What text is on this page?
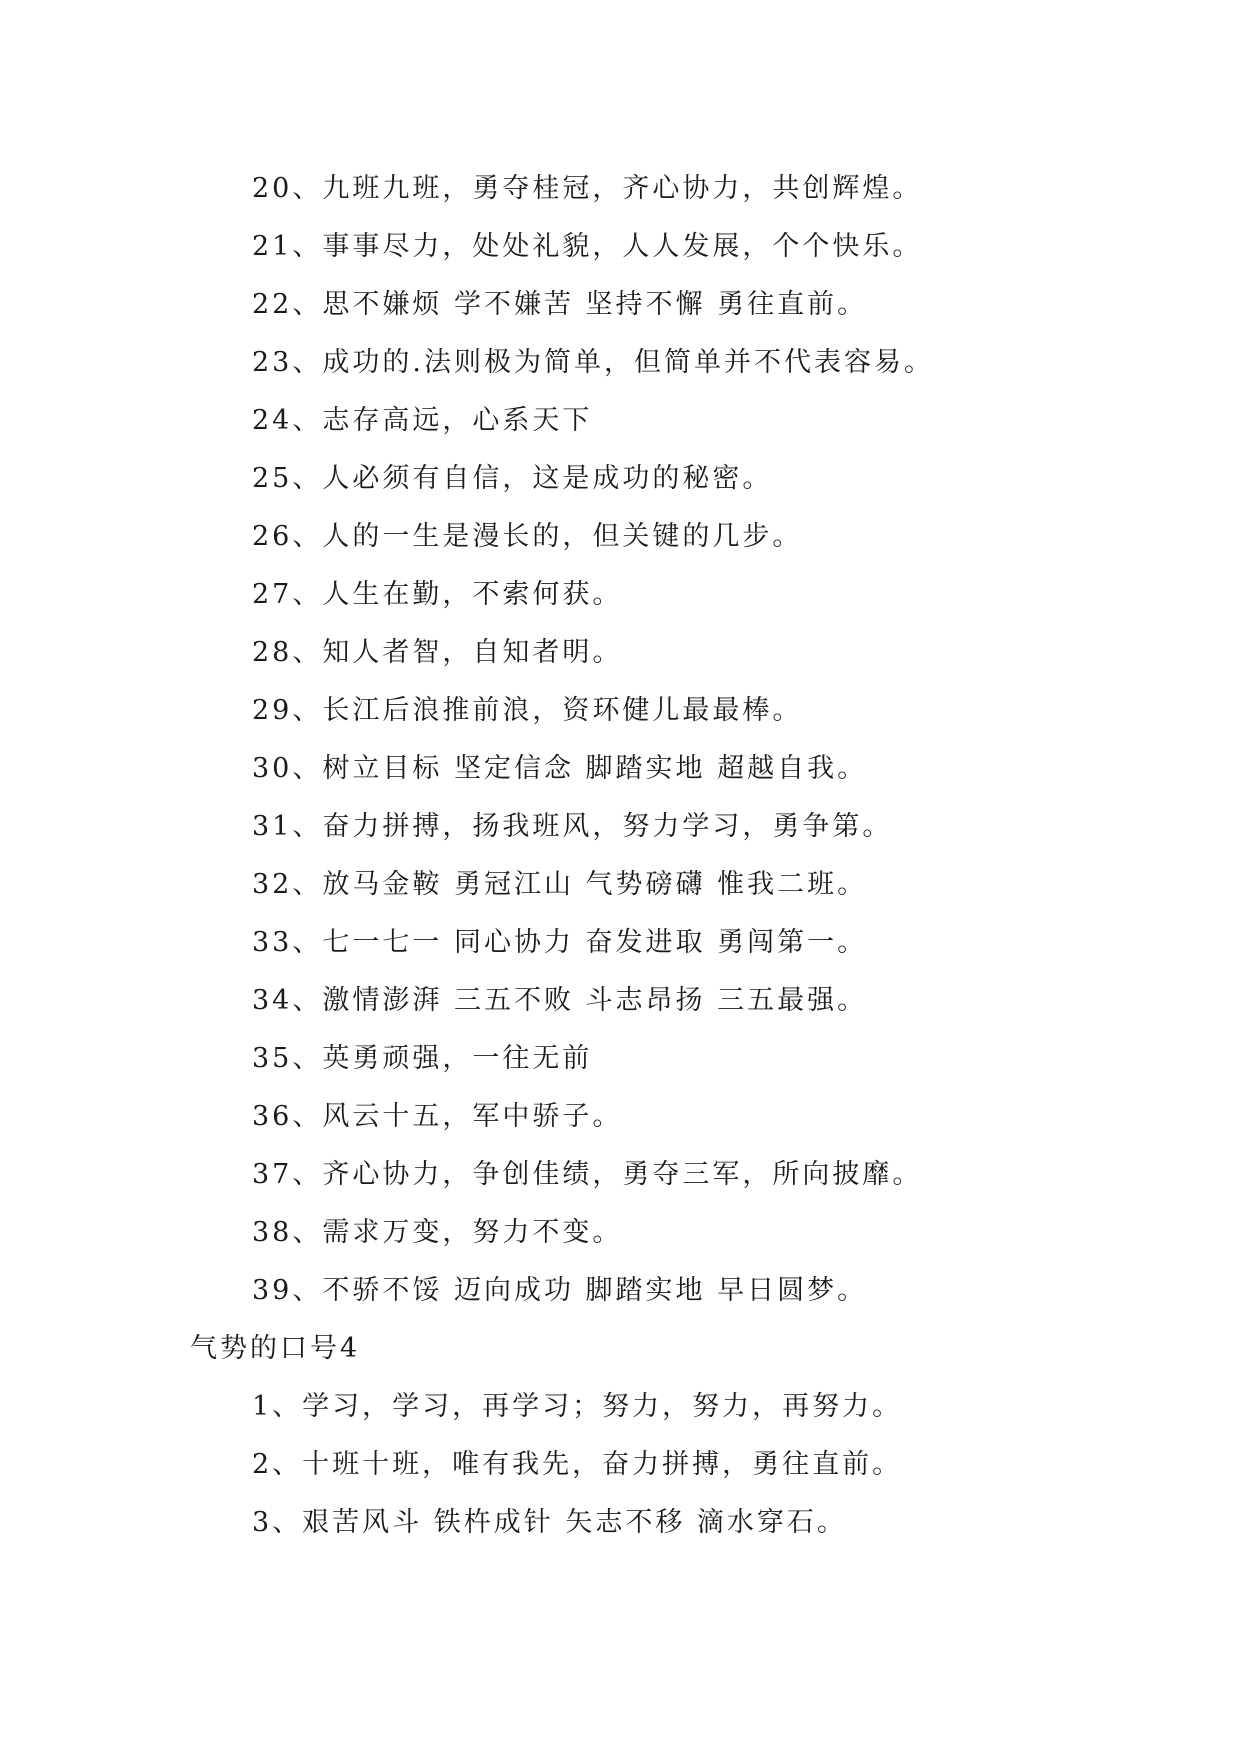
20、九班九班，勇夺桂冠，齐心协力，共创辉煌。
21、事事尽力，处处礼貌，人人发展，个个快乐。
22、思不嫌烦 学不嫌苦 坚持不懈 勇往直前。
23、成功的.法则极为简单，但简单并不代表容易。
24、志存高远，心系天下
25、人必须有自信，这是成功的秘密。
26、人的一生是漫长的，但关键的几步。
27、人生在勤，不索何获。
28、知人者智，自知者明。
29、长江后浪推前浪，资环健儿最最棒。
30、树立目标 坚定信念 脚踏实地 超越自我。
31、奋力拼搏，扬我班风，努力学习，勇争第。
32、放马金鞍 勇冠江山 气势磅礴 惟我二班。
33、七一七一 同心协力 奋发进取 勇闯第一。
34、激情澎湃 三五不败 斗志昂扬 三五最强。
35、英勇顽强，一往无前
36、风云十五，军中骄子。
37、齐心协力，争创佳绩，勇夺三军，所向披靡。
38、需求万变，努力不变。
39、不骄不馁 迈向成功 脚踏实地 早日圆梦。
气势的口号4
1、学习，学习，再学习；努力，努力，再努力。
2、十班十班，唯有我先，奋力拼搏，勇往直前。
3、艰苦风斗 铁杵成针 矢志不移 滴水穿石。
